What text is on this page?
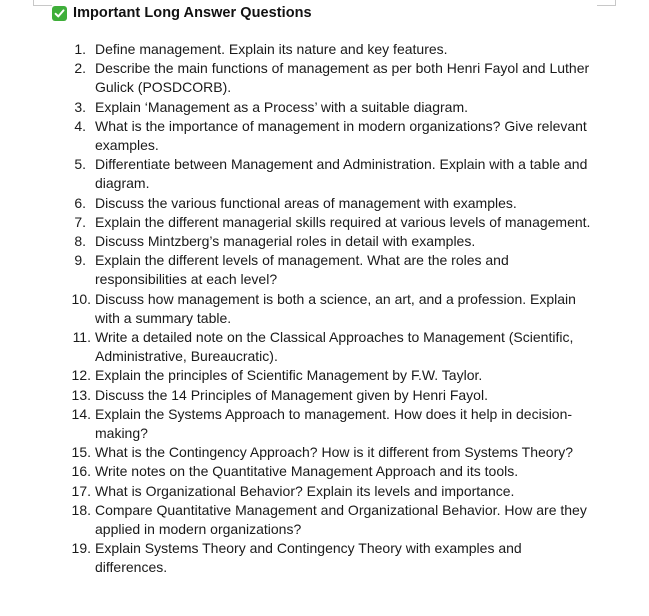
Important Long Answer Questions
1. Define management. Explain its nature and key features.
2. Describe the main functions of management as per both Henri Fayol and Luther Gulick (POSDCORB).
3. Explain ‘Management as a Process’ with a suitable diagram.
4. What is the importance of management in modern organizations? Give relevant examples.
5. Differentiate between Management and Administration. Explain with a table and diagram.
6. Discuss the various functional areas of management with examples.
7. Explain the different managerial skills required at various levels of management.
8. Discuss Mintzberg’s managerial roles in detail with examples.
9. Explain the different levels of management. What are the roles and responsibilities at each level?
10. Discuss how management is both a science, an art, and a profession. Explain with a summary table.
11. Write a detailed note on the Classical Approaches to Management (Scientific, Administrative, Bureaucratic).
12. Explain the principles of Scientific Management by F.W. Taylor.
13. Discuss the 14 Principles of Management given by Henri Fayol.
14. Explain the Systems Approach to management. How does it help in decision-making?
15. What is the Contingency Approach? How is it different from Systems Theory?
16. Write notes on the Quantitative Management Approach and its tools.
17. What is Organizational Behavior? Explain its levels and importance.
18. Compare Quantitative Management and Organizational Behavior. How are they applied in modern organizations?
19. Explain Systems Theory and Contingency Theory with examples and differences.
